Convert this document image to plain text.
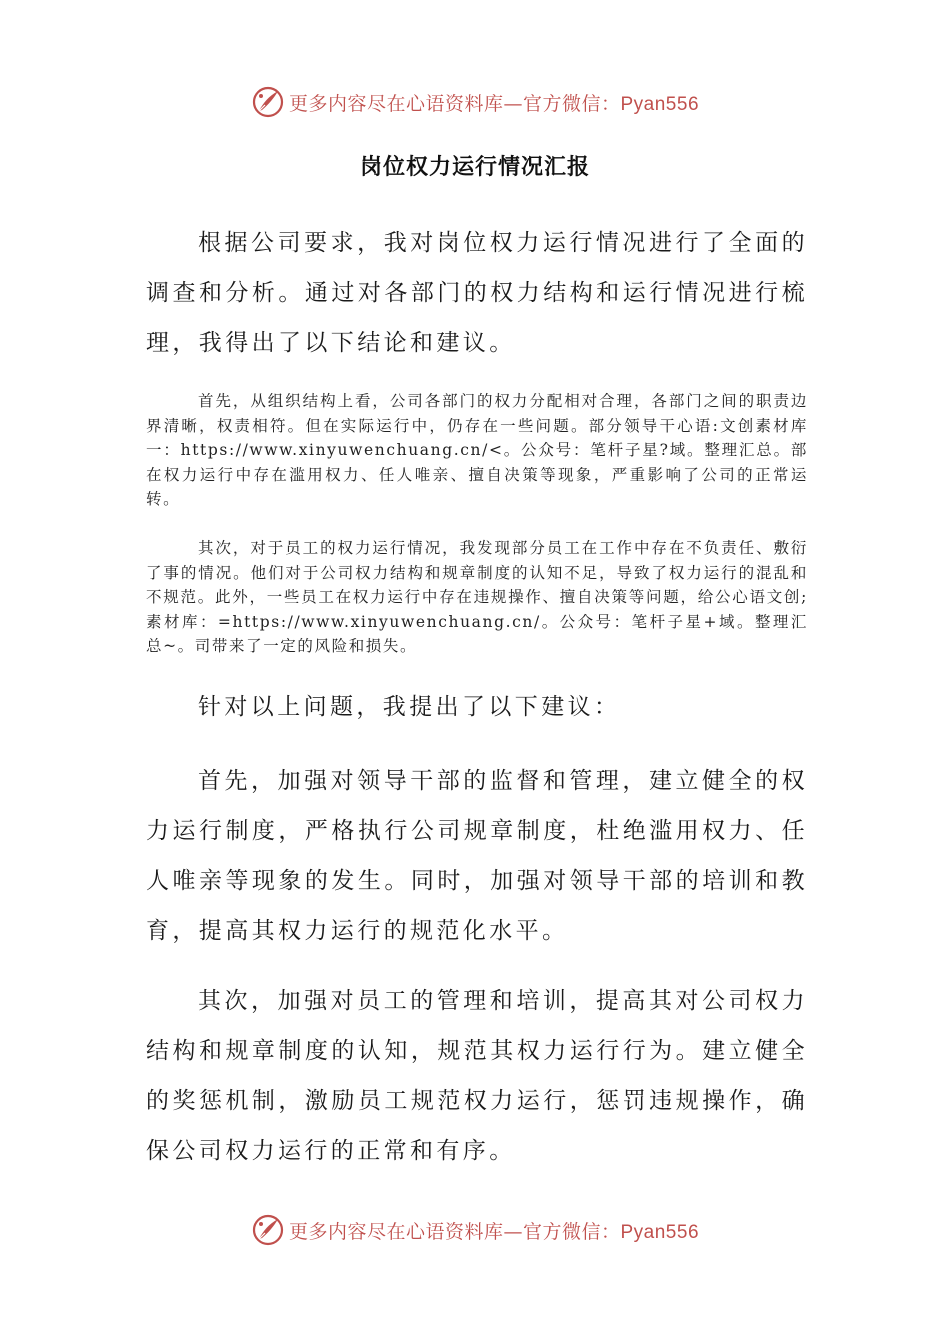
更多内容尽在心语资料库—官方微信：Pyan556
岗位权力运行情况汇报

根据公司要求，我对岗位权力运行情况进行了全面的调查和分析。通过对各部门的权力结构和运行情况进行梳理，我得出了以下结论和建议。

首先，从组织结构上看，公司各部门的权力分配相对合理，各部门之间的职责边界清晰，权责相符。但在实际运行中，仍存在一些问题。部分领导干心语:文创素材库一：https://www.xinyuwenchuang.cn/<。公众号：笔杆子星?域。整理汇总。部在权力运行中存在滥用权力、任人唯亲、擅自决策等现象，严重影响了公司的正常运转。

其次，对于员工的权力运行情况，我发现部分员工在工作中存在不负责任、敷衍了事的情况。他们对于公司权力结构和规章制度的认知不足，导致了权力运行的混乱和不规范。此外，一些员工在权力运行中存在违规操作、擅自决策等问题，给公心语文创;素材库：=https://www.xinyuwenchuang.cn/。公众号：笔杆子星+域。整理汇总~。司带来了一定的风险和损失。

针对以上问题，我提出了以下建议：

首先，加强对领导干部的监督和管理，建立健全的权力运行制度，严格执行公司规章制度，杜绝滥用权力、任人唯亲等现象的发生。同时，加强对领导干部的培训和教育，提高其权力运行的规范化水平。

其次，加强对员工的管理和培训，提高其对公司权力结构和规章制度的认知，规范其权力运行行为。建立健全的奖惩机制，激励员工规范权力运行，惩罚违规操作，确保公司权力运行的正常和有序。

更多内容尽在心语资料库—官方微信：Pyan556
